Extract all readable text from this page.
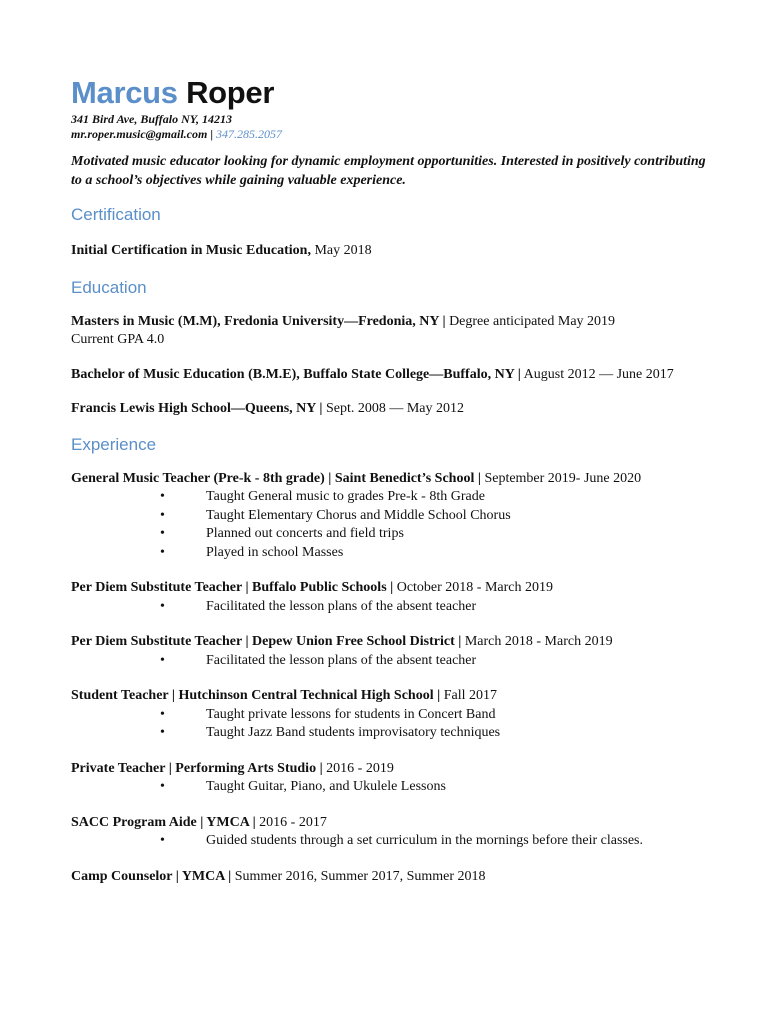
Marcus Roper
341 Bird Ave, Buffalo NY, 14213
mr.roper.music@gmail.com | 347.285.2057
Motivated music educator looking for dynamic employment opportunities. Interested in positively contributing to a school’s objectives while gaining valuable experience.
Certification
Initial Certification in Music Education, May 2018
Education
Masters in Music (M.M), Fredonia University—Fredonia, NY | Degree anticipated May 2019
Current GPA 4.0
Bachelor of Music Education (B.M.E), Buffalo State College—Buffalo, NY | August 2012 — June 2017
Francis Lewis High School—Queens, NY | Sept. 2008 — May 2012
Experience
General Music Teacher (Pre-k - 8th grade) | Saint Benedict’s School | September 2019- June 2020
•	Taught General music to grades Pre-k - 8th Grade
•	Taught Elementary Chorus and Middle School Chorus
•	Planned out concerts and field trips
•	Played in school Masses
Per Diem Substitute Teacher | Buffalo Public Schools | October 2018 - March 2019
•	Facilitated the lesson plans of the absent teacher
Per Diem Substitute Teacher | Depew Union Free School District | March 2018 - March 2019
•	Facilitated the lesson plans of the absent teacher
Student Teacher | Hutchinson Central Technical High School | Fall 2017
•	Taught private lessons for students in Concert Band
•	Taught Jazz Band students improvisatory techniques
Private Teacher | Performing Arts Studio | 2016 - 2019
•	Taught Guitar, Piano, and Ukulele Lessons
SACC Program Aide | YMCA | 2016 - 2017
•	Guided students through a set curriculum in the mornings before their classes.
Camp Counselor | YMCA | Summer 2016, Summer 2017, Summer 2018
